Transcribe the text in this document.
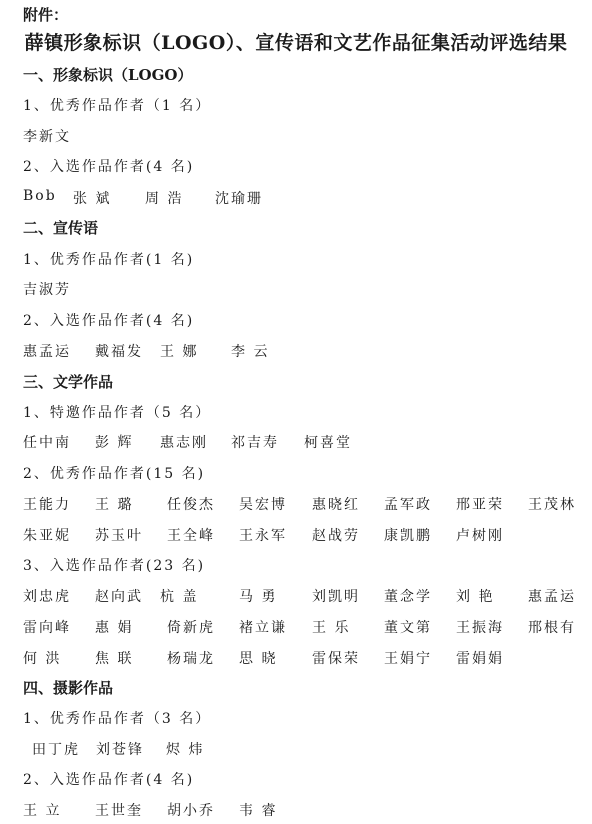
附件：
薛镇形象标识（LOGO）、宣传语和文艺作品征集活动评选结果
一、形象标识（LOGO）
1、优秀作品作者（1 名）
李新文
2、入选作品作者(4 名)
Bob 张 斌 周 浩 沈瑜珊
二、宣传语
1、优秀作品作者(1 名)
吉淑芳
2、入选作品作者(4 名)
惠孟运 戴福发 王 娜 李 云
三、文学作品
1、特邀作品作者（5 名）
任中南 彭 辉 惠志刚 祁吉寿 柯喜堂
2、优秀作品作者(15 名)
王能力 王 璐 任俊杰 吴宏博 惠晓红 孟军政 邢亚荣 王茂林
朱亚妮 苏玉叶 王全峰 王永军 赵战劳 康凯鹏 卢树刚
3、入选作品作者(23 名)
刘忠虎 赵向武 杭 盖	马 勇 刘凯明 董念学 刘 艳 惠孟运
雷向峰 惠 娟 倚新虎 褚立谦 王 乐 董文第 王振海 邢根有
何 洪 焦 联 杨瑞龙 思 晓 雷保荣 王娟宁 雷娟娟
四、摄影作品
1、优秀作品作者（3 名）
田丁虎 刘苍锋 烬 炜
2、入选作品作者(4 名)
王 立 王世奎 胡小乔 韦 睿
